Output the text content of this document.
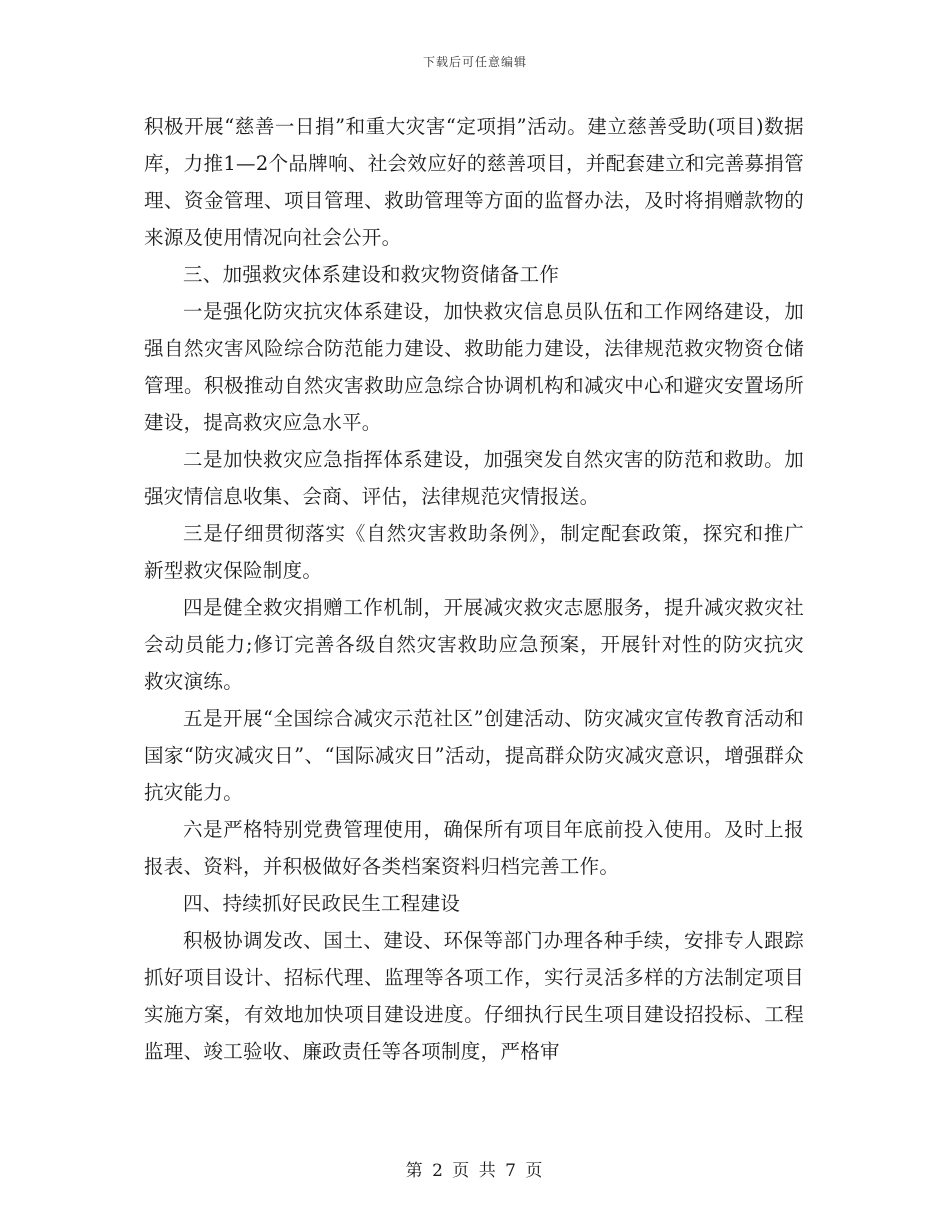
下载后可任意编辑

积极开展“慈善一日捐”和重大灾害“定项捐”活动。建立慈善受助(项目)数据库，力推1—2个品牌响、社会效应好的慈善项目，并配套建立和完善募捐管理、资金管理、项目管理、救助管理等方面的监督办法，及时将捐赠款物的来源及使用情况向社会公开。

三、加强救灾体系建设和救灾物资储备工作

一是强化防灾抗灾体系建设，加快救灾信息员队伍和工作网络建设，加强自然灾害风险综合防范能力建设、救助能力建设，法律规范救灾物资仓储管理。积极推动自然灾害救助应急综合协调机构和减灾中心和避灾安置场所建设，提高救灾应急水平。

二是加快救灾应急指挥体系建设，加强突发自然灾害的防范和救助。加强灾情信息收集、会商、评估，法律规范灾情报送。

三是仔细贯彻落实《自然灾害救助条例》，制定配套政策，探究和推广新型救灾保险制度。

四是健全救灾捐赠工作机制，开展减灾救灾志愿服务，提升减灾救灾社会动员能力;修订完善各级自然灾害救助应急预案，开展针对性的防灾抗灾救灾演练。

五是开展“全国综合减灾示范社区”创建活动、防灾减灾宣传教育活动和国家“防灾减灾日”、“国际减灾日”活动，提高群众防灾减灾意识，增强群众抗灾能力。

六是严格特别党费管理使用，确保所有项目年底前投入使用。及时上报报表、资料，并积极做好各类档案资料归档完善工作。

四、持续抓好民政民生工程建设

积极协调发改、国土、建设、环保等部门办理各种手续，安排专人跟踪抓好项目设计、招标代理、监理等各项工作，实行灵活多样的方法制定项目实施方案，有效地加快项目建设进度。仔细执行民生项目建设招投标、工程监理、竣工验收、廉政责任等各项制度，严格审

第 2 页 共 7 页
